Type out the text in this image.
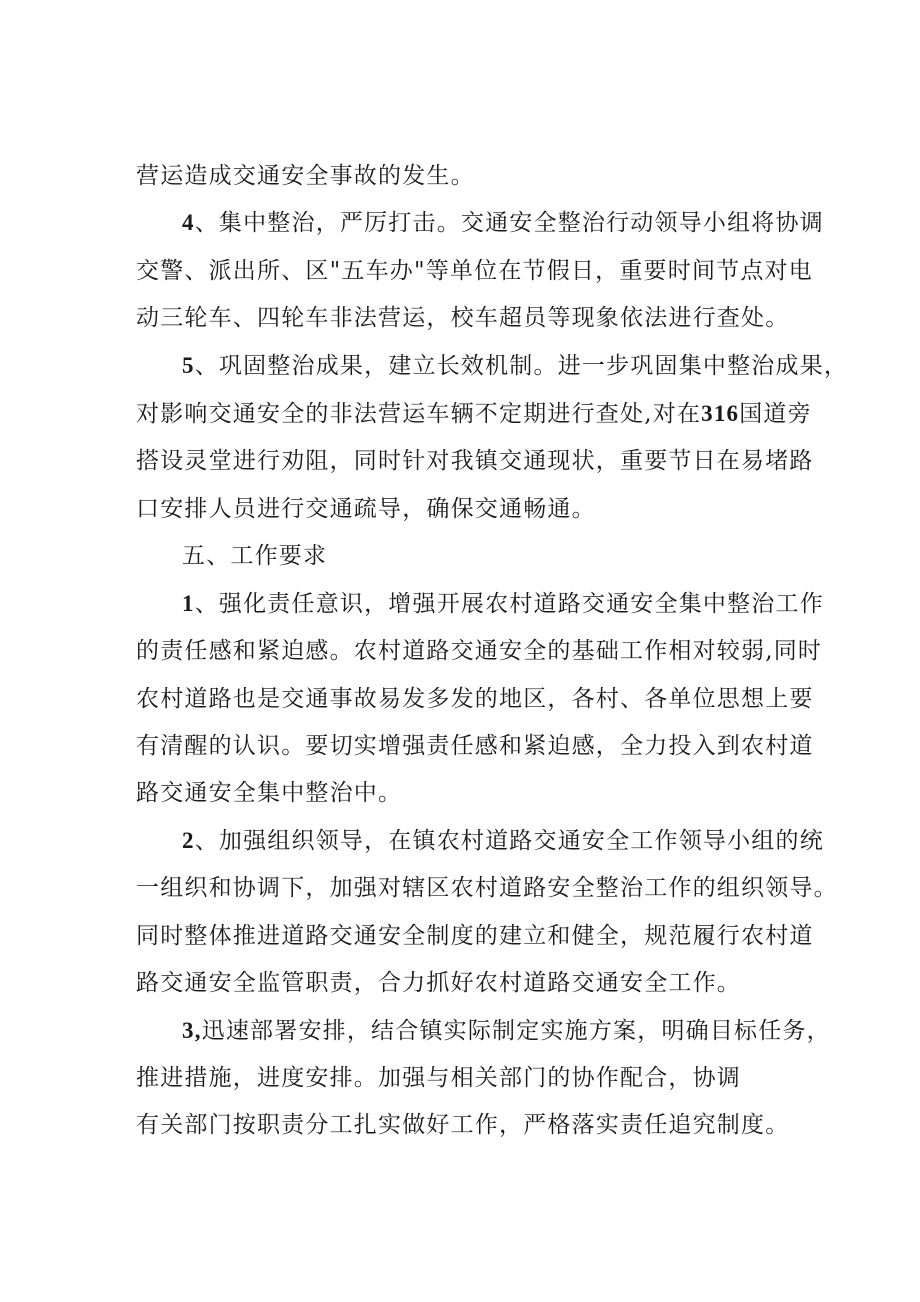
营运造成交通安全事故的发生。
4、集中整治，严厉打击。交通安全整治行动领导小组将协调
交警、派出所、区"五车办"等单位在节假日，重要时间节点对电
动三轮车、四轮车非法营运，校车超员等现象依法进行查处。
5、巩固整治成果，建立长效机制。进一步巩固集中整治成果，
对影响交通安全的非法营运车辆不定期进行查处,对在316国道旁
搭设灵堂进行劝阻，同时针对我镇交通现状，重要节日在易堵路
口安排人员进行交通疏导，确保交通畅通。
五、工作要求
1、强化责任意识，增强开展农村道路交通安全集中整治工作
的责任感和紧迫感。农村道路交通安全的基础工作相对较弱,同时
农村道路也是交通事故易发多发的地区，各村、各单位思想上要
有清醒的认识。要切实增强责任感和紧迫感，全力投入到农村道
路交通安全集中整治中。
2、加强组织领导，在镇农村道路交通安全工作领导小组的统
一组织和协调下，加强对辖区农村道路安全整治工作的组织领导。
同时整体推进道路交通安全制度的建立和健全，规范履行农村道
路交通安全监管职责，合力抓好农村道路交通安全工作。
3,迅速部署安排，结合镇实际制定实施方案，明确目标任务，
推进措施，进度安排。加强与相关部门的协作配合，协调
有关部门按职责分工扎实做好工作，严格落实责任追究制度。
